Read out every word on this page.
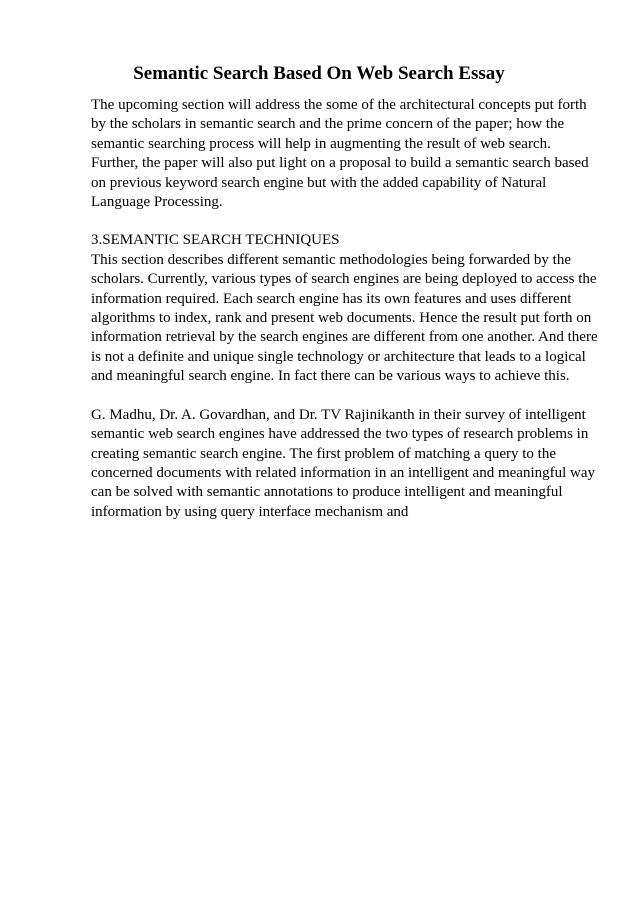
Semantic Search Based On Web Search Essay

The upcoming section will address the some of the architectural concepts put forth
by the scholars in semantic search and the prime concern of the paper; how the
semantic searching process will help in augmenting the result of web search.
Further, the paper will also put light on a proposal to build a semantic search based
on previous keyword search engine but with the added capability of Natural
Language Processing.

3.SEMANTIC SEARCH TECHNIQUES
This section describes different semantic methodologies being forwarded by the
scholars. Currently, various types of search engines are being deployed to access the
information required. Each search engine has its own features and uses different
algorithms to index, rank and present web documents. Hence the result put forth on
information retrieval by the search engines are different from one another. And there
is not a definite and unique single technology or architecture that leads to a logical
and meaningful search engine. In fact there can be various ways to achieve this.

G. Madhu, Dr. A. Govardhan, and Dr. TV Rajinikanth in their survey of intelligent
semantic web search engines have addressed the two types of research problems in
creating semantic search engine. The first problem of matching a query to the
concerned documents with related information in an intelligent and meaningful way
can be solved with semantic annotations to produce intelligent and meaningful
information by using query interface mechanism and
